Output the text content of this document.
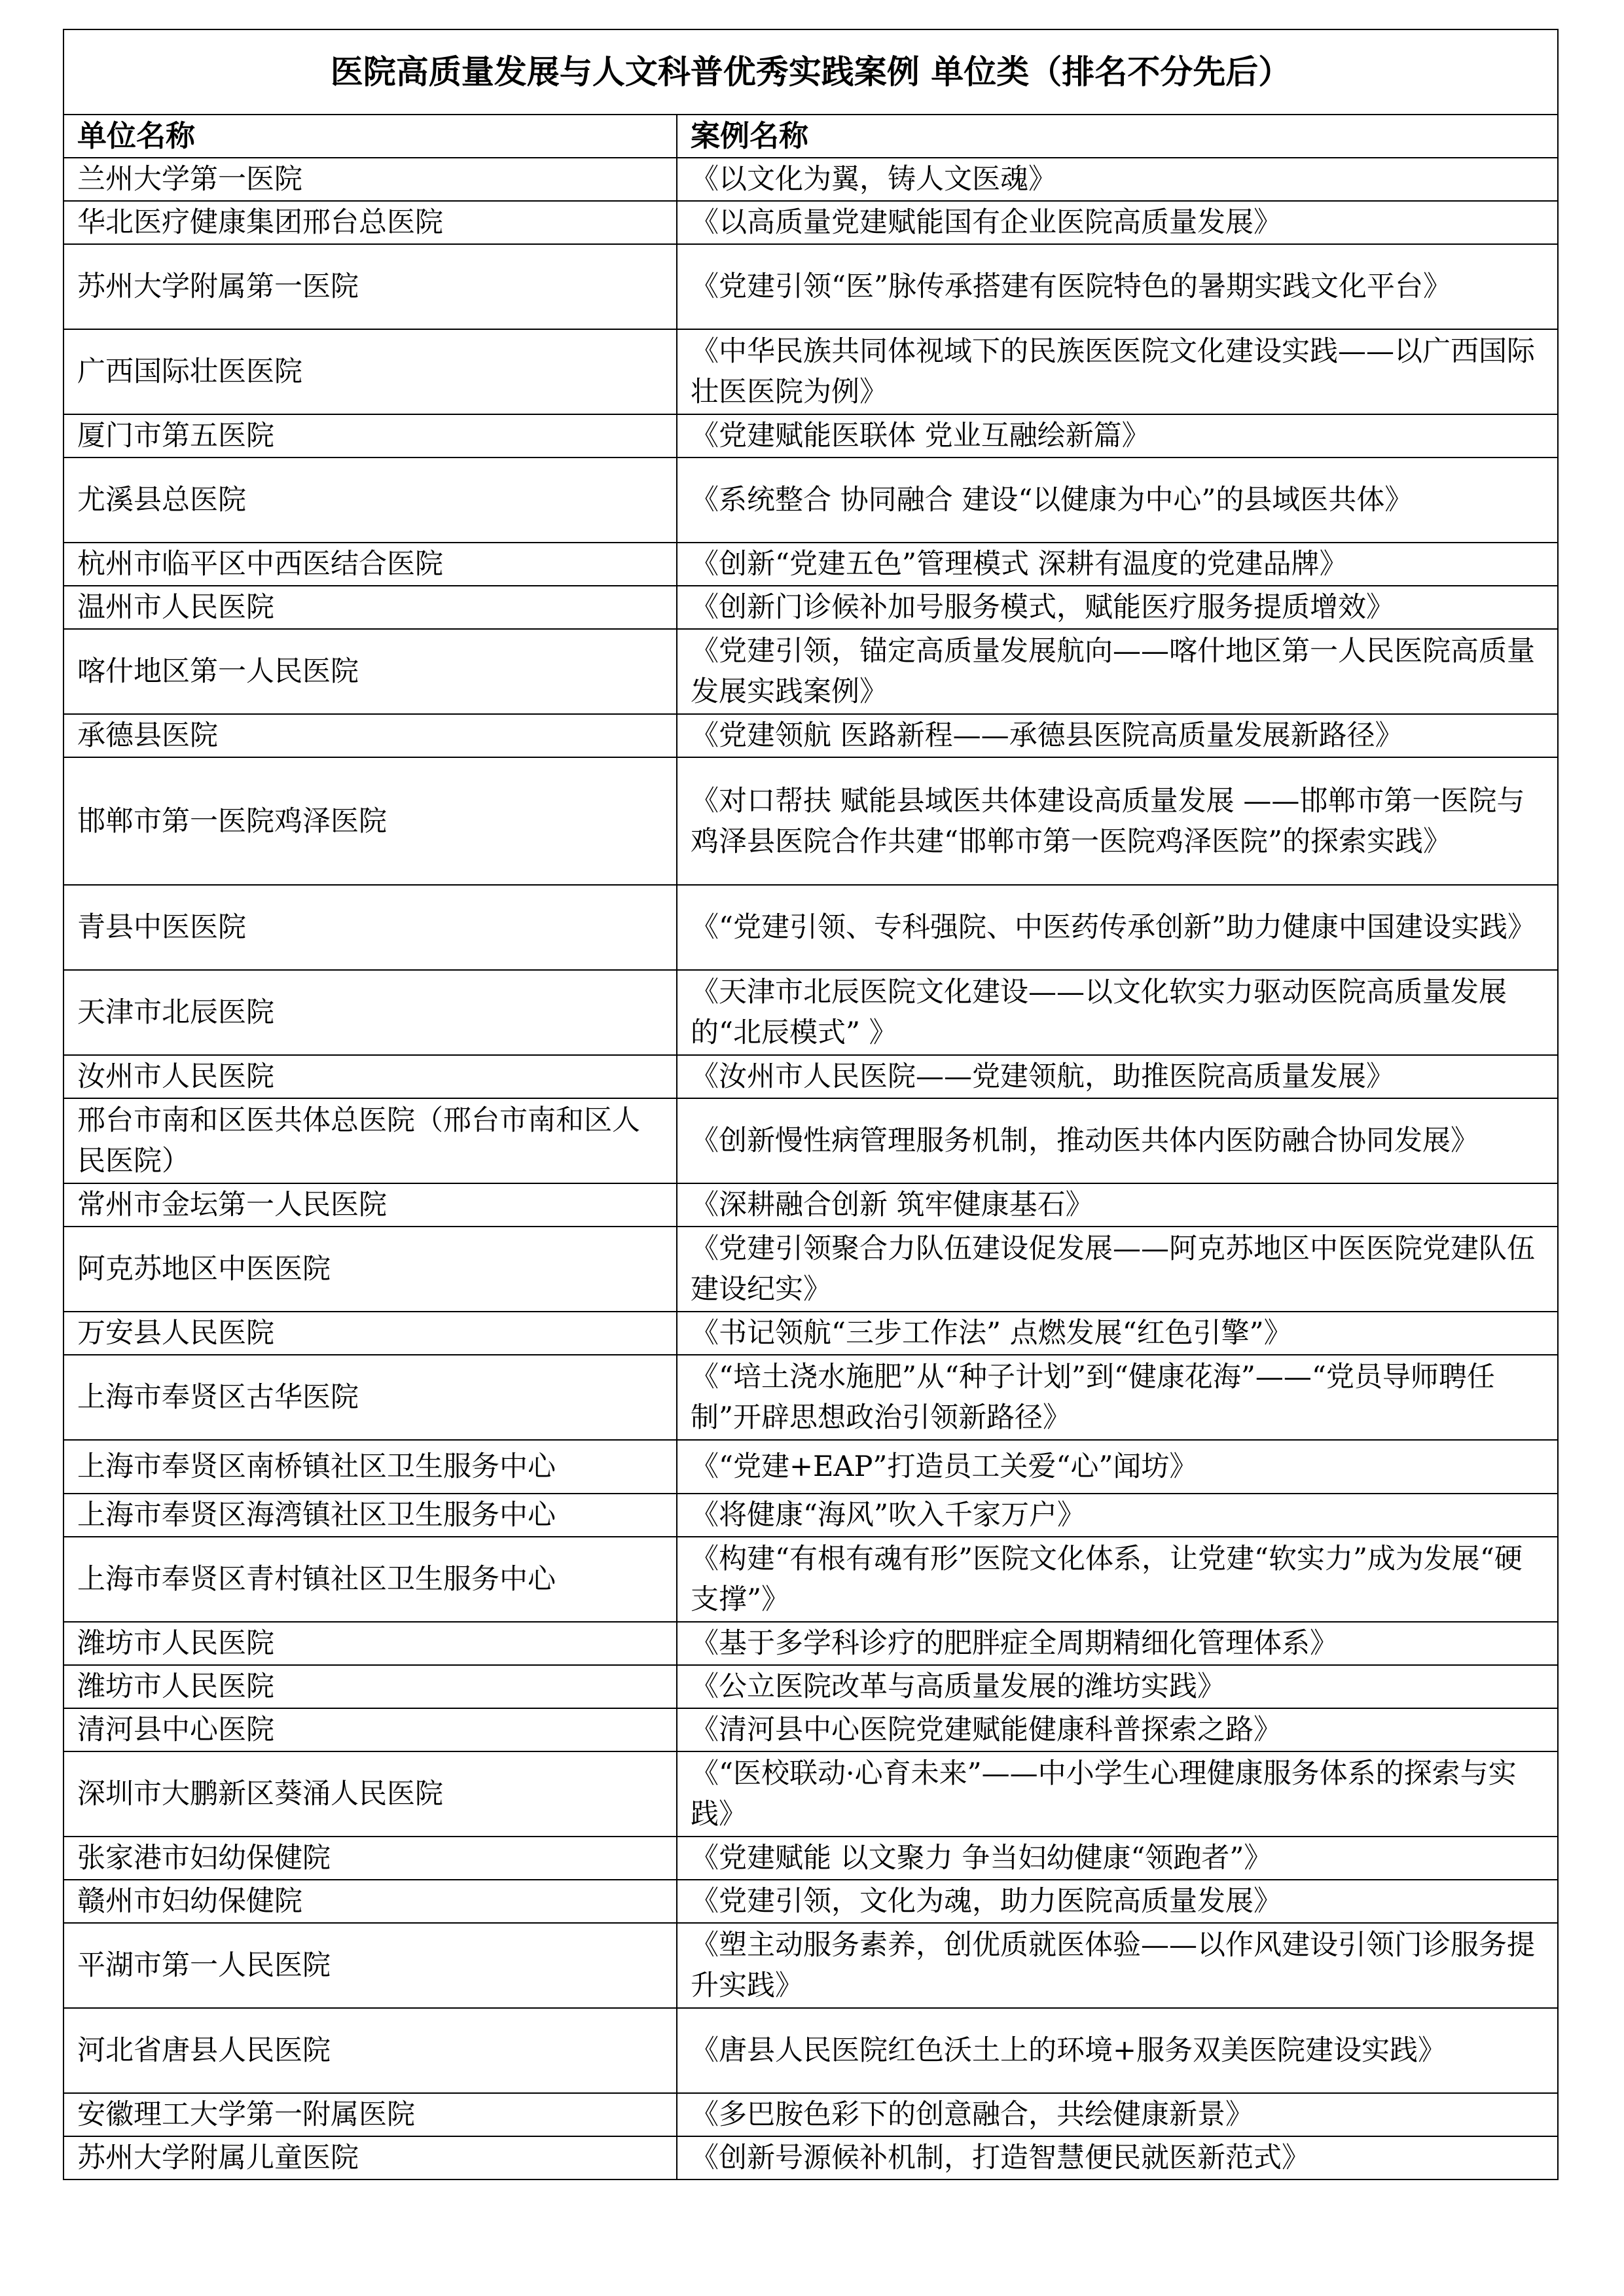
医院高质量发展与人文科普优秀实践案例 单位类（排名不分先后）	
单位名称	案例名称
兰州大学第一医院	《以文化为翼，铸人文医魂》
华北医疗健康集团邢台总医院	《以高质量党建赋能国有企业医院高质量发展》
苏州大学附属第一医院	《党建引领“医”脉传承搭建有医院特色的暑期实践文化平台》
广西国际壮医医院	《中华民族共同体视域下的民族医医院文化建设实践——以广西国际壮医医院为例》
厦门市第五医院	《党建赋能医联体 党业互融绘新篇》
尤溪县总医院	《系统整合 协同融合 建设“以健康为中心”的县域医共体》
杭州市临平区中西医结合医院	《创新“党建五色”管理模式 深耕有温度的党建品牌》
温州市人民医院	《创新门诊候补加号服务模式，赋能医疗服务提质增效》
喀什地区第一人民医院	《党建引领，锚定高质量发展航向——喀什地区第一人民医院高质量发展实践案例》
承德县医院	《党建领航 医路新程——承德县医院高质量发展新路径》
邯郸市第一医院鸡泽医院	《对口帮扶 赋能县域医共体建设高质量发展 ——邯郸市第一医院与鸡泽县医院合作共建“邯郸市第一医院鸡泽医院”的探索实践》
青县中医医院	《“党建引领、专科强院、中医药传承创新”助力健康中国建设实践》
天津市北辰医院	《天津市北辰医院文化建设——以文化软实力驱动医院高质量发展的“北辰模式” 》
汝州市人民医院	《汝州市人民医院——党建领航，助推医院高质量发展》
邢台市南和区医共体总医院（邢台市南和区人民医院）	《创新慢性病管理服务机制，推动医共体内医防融合协同发展》
常州市金坛第一人民医院	《深耕融合创新 筑牢健康基石》
阿克苏地区中医医院	《党建引领聚合力队伍建设促发展——阿克苏地区中医医院党建队伍建设纪实》
万安县人民医院	《书记领航“三步工作法” 点燃发展“红色引擎”》
上海市奉贤区古华医院	《“培土浇水施肥”从“种子计划”到“健康花海”——“党员导师聘任制”开辟思想政治引领新路径》
上海市奉贤区南桥镇社区卫生服务中心	《“党建+EAP”打造员工关爱“心”闻坊》
上海市奉贤区海湾镇社区卫生服务中心	《将健康“海风”吹入千家万户》
上海市奉贤区青村镇社区卫生服务中心	《构建“有根有魂有形”医院文化体系，让党建“软实力”成为发展“硬支撑”》
潍坊市人民医院	《基于多学科诊疗的肥胖症全周期精细化管理体系》
潍坊市人民医院	《公立医院改革与高质量发展的潍坊实践》
清河县中心医院	《清河县中心医院党建赋能健康科普探索之路》
深圳市大鹏新区葵涌人民医院	《“医校联动·心育未来”——中小学生心理健康服务体系的探索与实践》
张家港市妇幼保健院	《党建赋能 以文聚力 争当妇幼健康“领跑者”》
赣州市妇幼保健院	《党建引领，文化为魂，助力医院高质量发展》
平湖市第一人民医院	《塑主动服务素养，创优质就医体验——以作风建设引领门诊服务提升实践》
河北省唐县人民医院	《唐县人民医院红色沃土上的环境+服务双美医院建设实践》
安徽理工大学第一附属医院	《多巴胺色彩下的创意融合，共绘健康新景》
苏州大学附属儿童医院	《创新号源候补机制，打造智慧便民就医新范式》
